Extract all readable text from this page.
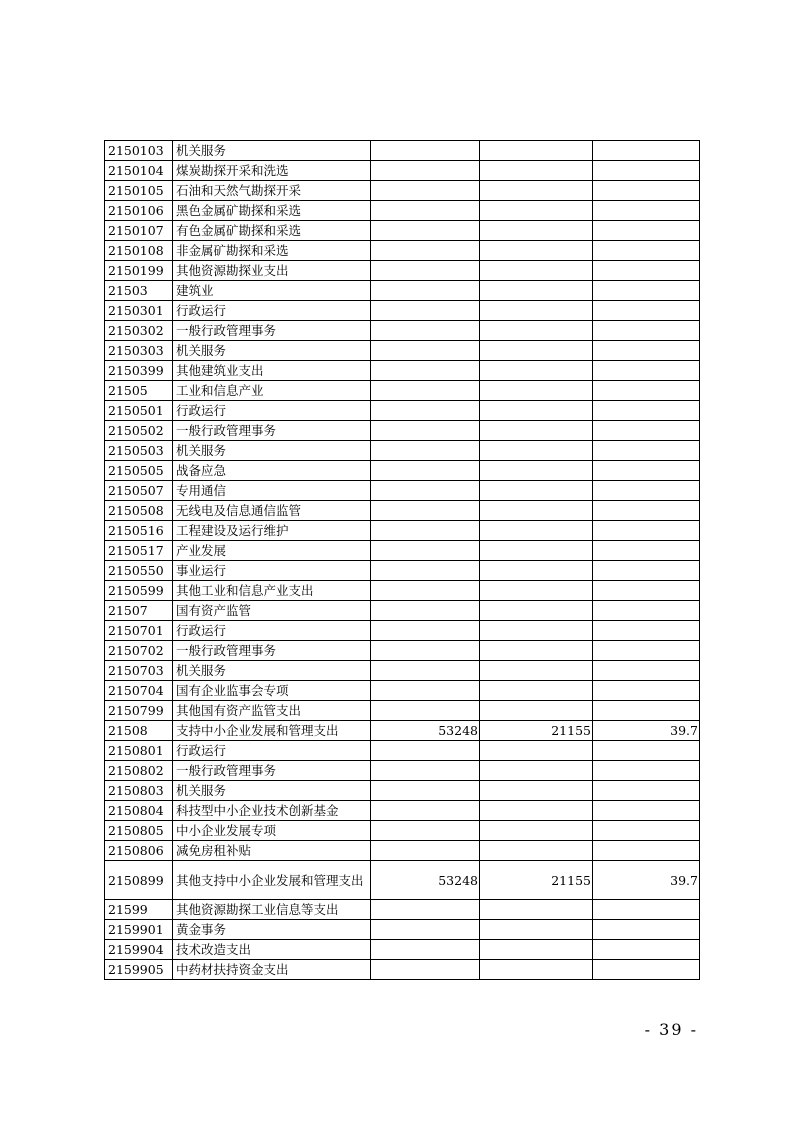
2150103	机关服务			
2150104	煤炭勘探开采和洗选			
2150105	石油和天然气勘探开采			
2150106	黑色金属矿勘探和采选			
2150107	有色金属矿勘探和采选			
2150108	非金属矿勘探和采选			
2150199	其他资源勘探业支出			
21503	建筑业			
2150301	行政运行			
2150302	一般行政管理事务			
2150303	机关服务			
2150399	其他建筑业支出			
21505	工业和信息产业			
2150501	行政运行			
2150502	一般行政管理事务			
2150503	机关服务			
2150505	战备应急			
2150507	专用通信			
2150508	无线电及信息通信监管			
2150516	工程建设及运行维护			
2150517	产业发展			
2150550	事业运行			
2150599	其他工业和信息产业支出			
21507	国有资产监管			
2150701	行政运行			
2150702	一般行政管理事务			
2150703	机关服务			
2150704	国有企业监事会专项			
2150799	其他国有资产监管支出			
21508	支持中小企业发展和管理支出	53248	21155	39.7
2150801	行政运行			
2150802	一般行政管理事务			
2150803	机关服务			
2150804	科技型中小企业技术创新基金			
2150805	中小企业发展专项			
2150806	减免房租补贴			
2150899	其他支持中小企业发展和管理支出	53248	21155	39.7
21599	其他资源勘探工业信息等支出			
2159901	黄金事务			
2159904	技术改造支出			
2159905	中药材扶持资金支出			
- 39 -
